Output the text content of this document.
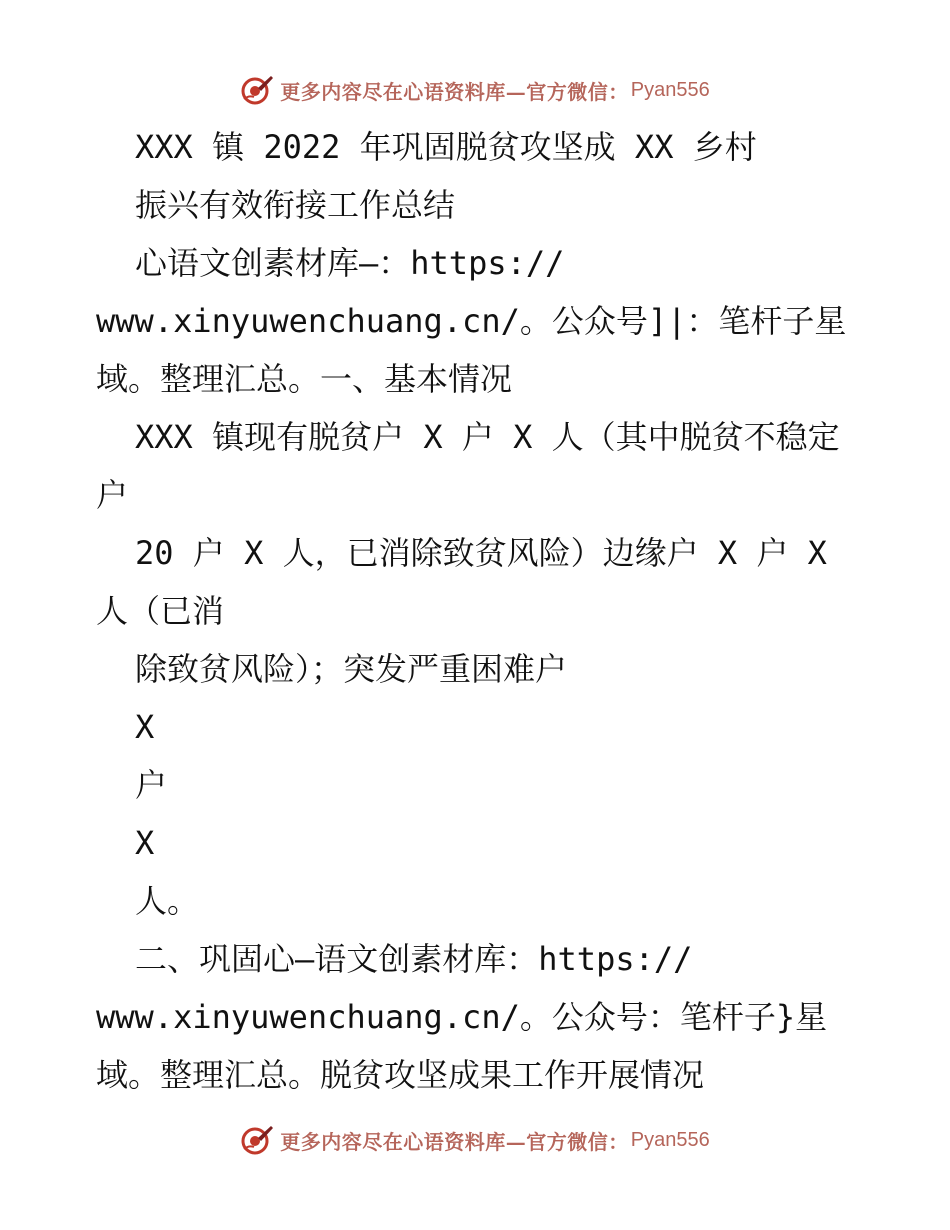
更多内容尽在心语资料库—官方微信： Pyan556
XXX 镇 2022 年巩固脱贫攻坚成 XX 乡村
振兴有效衔接工作总结
心语文创素材库—：https://
www.xinyuwenchuang.cn/。公众号]|：笔杆子星
域。整理汇总。一、基本情况
XXX 镇现有脱贫户 X 户 X 人（其中脱贫不稳定
户
20 户 X 人，已消除致贫风险）边缘户 X 户 X
人（已消
除致贫风险）；突发严重困难户
X
户
X
人。
二、巩固心—语文创素材库：https://
www.xinyuwenchuang.cn/。公众号：笔杆子}星
域。整理汇总。脱贫攻坚成果工作开展情况
更多内容尽在心语资料库—官方微信： Pyan556
